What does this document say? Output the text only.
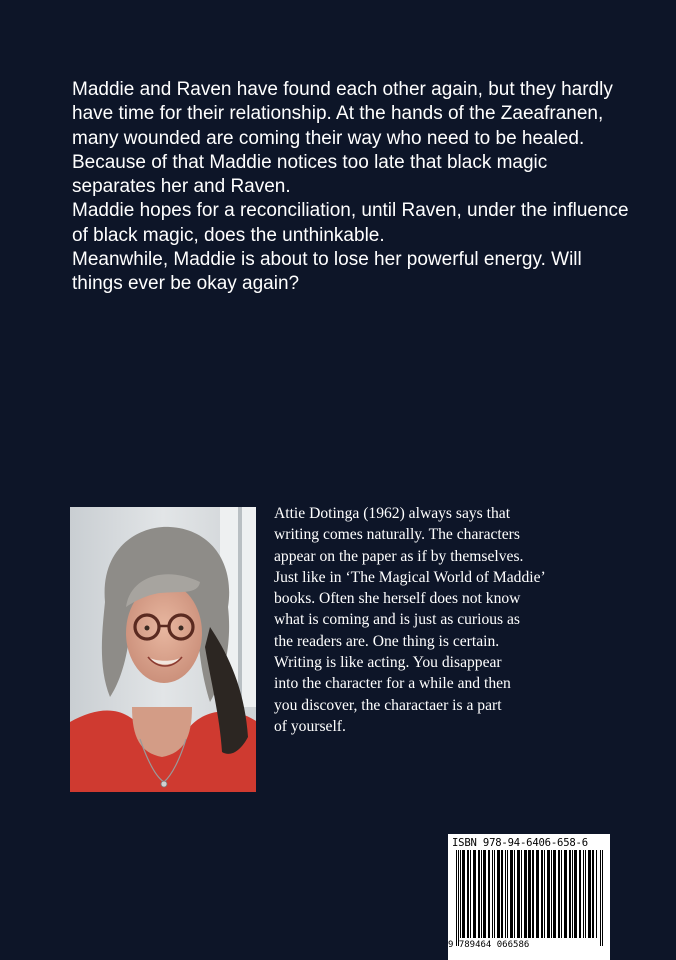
Maddie and Raven have found each other again, but they hardly have time for their relationship. At the hands of the Zaeafranen, many wounded are coming their way who need to be healed.

Because of that Maddie notices too late that black magic separates her and Raven.

Maddie hopes for a reconciliation, until Raven, under the influence of black magic, does the unthinkable.

Meanwhile, Maddie is about to lose her powerful energy. Will things ever be okay again?

Attie Dotinga (1962) always says that
writing comes naturally. The characters
appear on the paper as if by themselves.
Just like in ‘The Magical World of Maddie’
books. Often she herself does not know
what is coming and is just as curious as
the readers are. One thing is certain.
Writing is like acting. You disappear
into the character for a while and then
you discover, the charactaer is a part
of yourself.
ISBN 978-94-6406-658-6
9 789464 066586
